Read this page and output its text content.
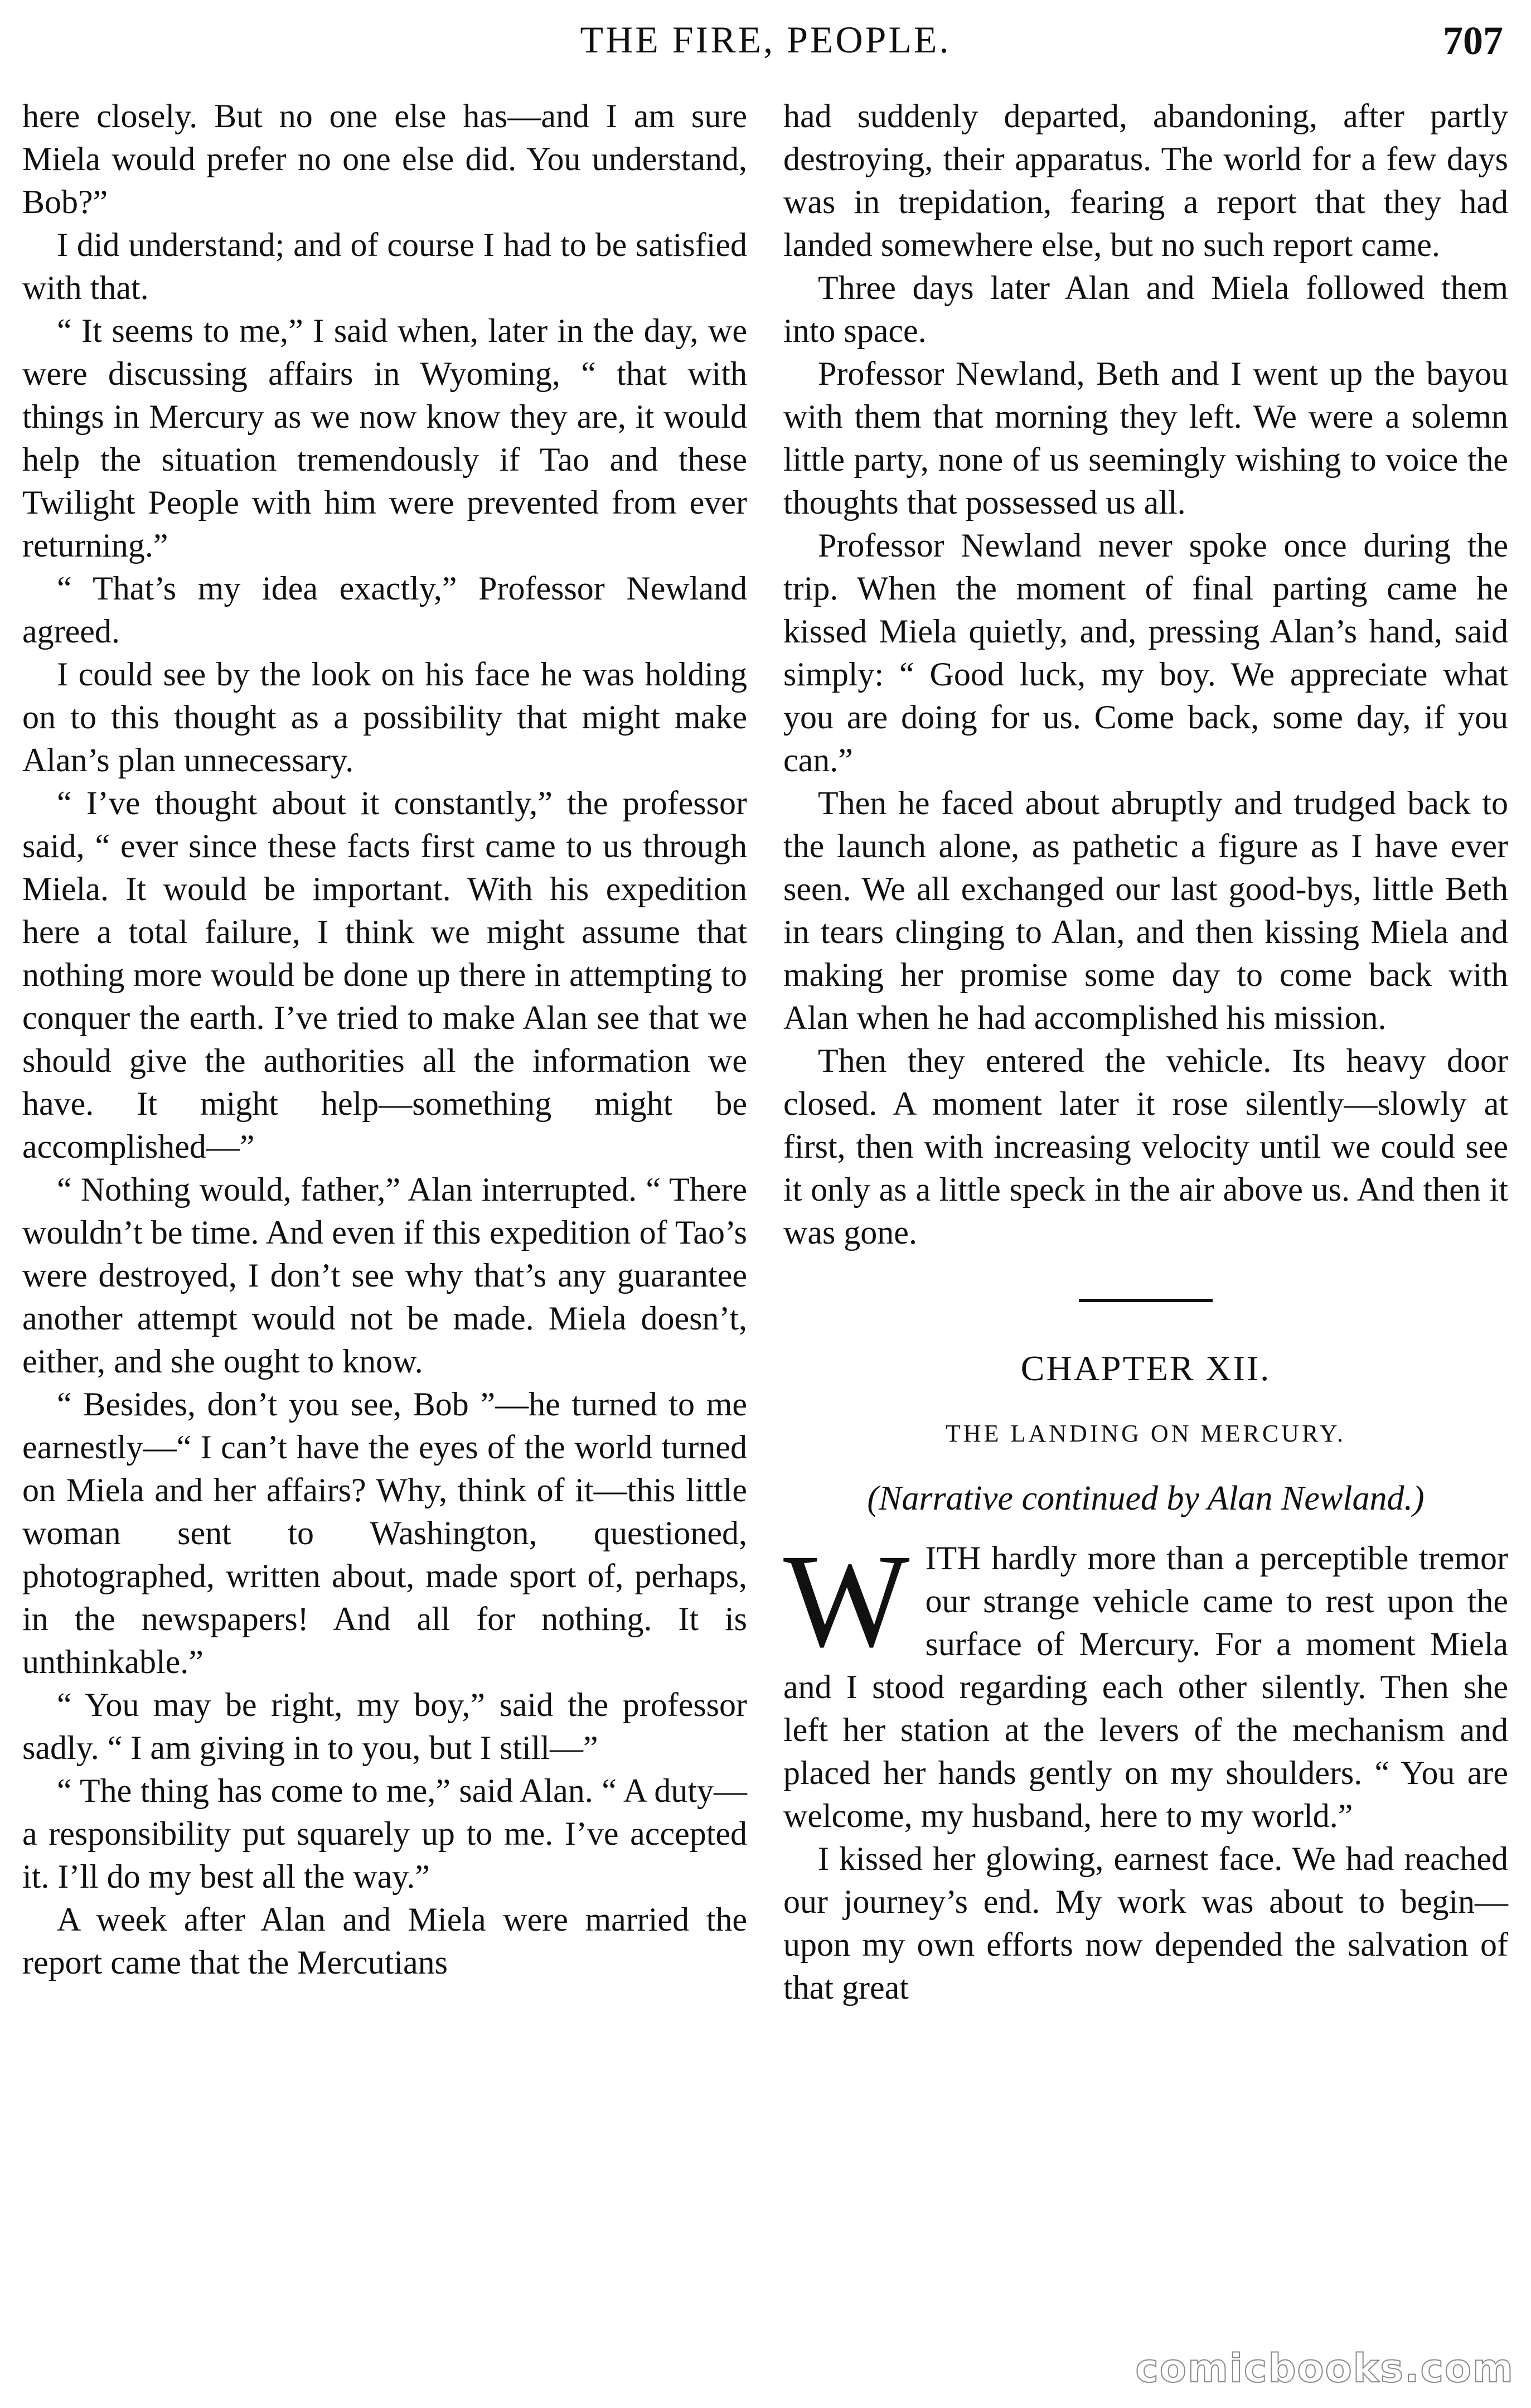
THE FIRE, PEOPLE.	707

here closely. But no one else has—and I am sure Miela would prefer no one else did. You understand, Bob?”

I did understand; and of course I had to be satisfied with that.

“ It seems to me,” I said when, later in the day, we were discussing affairs in Wyoming, “ that with things in Mercury as we now know they are, it would help the situation tremendously if Tao and these Twilight People with him were prevented from ever returning.”

“ That’s my idea exactly,” Professor Newland agreed.

I could see by the look on his face he was holding on to this thought as a possibility that might make Alan’s plan unnecessary.

“ I’ve thought about it constantly,” the professor said, “ ever since these facts first came to us through Miela. It would be important. With his expedition here a total failure, I think we might assume that nothing more would be done up there in attempting to conquer the earth. I’ve tried to make Alan see that we should give the authorities all the information we have. It might help—something might be accomplished—”

“ Nothing would, father,” Alan interrupted. “ There wouldn’t be time. And even if this expedition of Tao’s were destroyed, I don’t see why that’s any guarantee another attempt would not be made. Miela doesn’t, either, and she ought to know.

“ Besides, don’t you see, Bob ”—he turned to me earnestly—“ I can’t have the eyes of the world turned on Miela and her affairs? Why, think of it—this little woman sent to Washington, questioned, photographed, written about, made sport of, perhaps, in the newspapers! And all for nothing. It is unthinkable.”

“ You may be right, my boy,” said the professor sadly. “ I am giving in to you, but I still—”

“ The thing has come to me,” said Alan. “ A duty—a responsibility put squarely up to me. I’ve accepted it. I’ll do my best all the way.”

A week after Alan and Miela were married the report came that the Mercutians

had suddenly departed, abandoning, after partly destroying, their apparatus. The world for a few days was in trepidation, fearing a report that they had landed somewhere else, but no such report came.

Three days later Alan and Miela followed them into space.

Professor Newland, Beth and I went up the bayou with them that morning they left. We were a solemn little party, none of us seemingly wishing to voice the thoughts that possessed us all.

Professor Newland never spoke once during the trip. When the moment of final parting came he kissed Miela quietly, and, pressing Alan’s hand, said simply: “ Good luck, my boy. We appreciate what you are doing for us. Come back, some day, if you can.”

Then he faced about abruptly and trudged back to the launch alone, as pathetic a figure as I have ever seen. We all exchanged our last good-bys, little Beth in tears clinging to Alan, and then kissing Miela and making her promise some day to come back with Alan when he had accomplished his mission.

Then they entered the vehicle. Its heavy door closed. A moment later it rose silently—slowly at first, then with increasing velocity until we could see it only as a little speck in the air above us. And then it was gone.

CHAPTER XII.
THE LANDING ON MERCURY.
(Narrative continued by Alan Newland.)

WITH hardly more than a perceptible tremor our strange vehicle came to rest upon the surface of Mercury. For a moment Miela and I stood regarding each other silently. Then she left her station at the levers of the mechanism and placed her hands gently on my shoulders. “ You are welcome, my husband, here to my world.”

I kissed her glowing, earnest face. We had reached our journey’s end. My work was about to begin—upon my own efforts now depended the salvation of that great

comicbooks.com
